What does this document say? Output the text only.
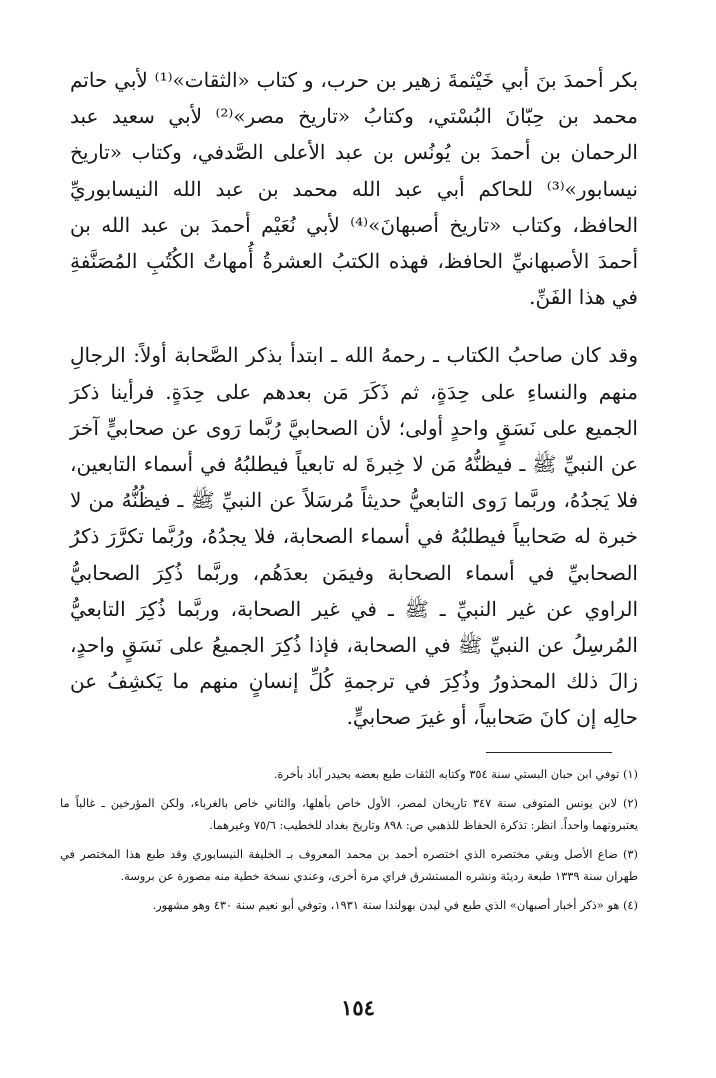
بكر أحمدَ بنَ أبي خَيْثمةَ زهير بن حرب، و كتاب «الثقات»⁽¹⁾ لأبي حاتم محمد بن حِبّانَ البُسْتي، وكتابُ «تاريخ مصر»⁽²⁾ لأبي سعيد عبد الرحمان بن أحمدَ بن يُونُس بن عبد الأعلى الصَّدفي، وكتاب «تاريخ نيسابور»⁽³⁾ للحاكم أبي عبد الله محمد بن عبد الله النيسابوريِّ الحافظ، وكتاب «تاريخ أصبهانَ»⁽⁴⁾ لأبي نُعَيْم أحمدَ بن عبد الله بن أحمدَ الأصبهانيِّ الحافظ، فهذه الكتبُ العشرةُ أُمهاتُ الكُتُبِ المُصَنَّفةِ في هذا الفَنِّ.

وقد كان صاحبُ الكتاب ـ رحمهُ الله ـ ابتدأ بذكر الصَّحابة أولاً: الرجالِ منهم والنساءِ على حِدَةٍ، ثم ذَكَرَ مَن بعدهم على حِدَةٍ. فرأينا ذكرَ الجميع على نَسَقٍ واحدٍ أولى؛ لأن الصحابيَّ رُبَّما رَوى عن صحابيٍّ آخرَ عن النبيِّ ﷺ ـ فيظنُّهُ مَن لا خِبرةَ له تابعياً فيطلبُهُ في أسماء التابعين، فلا يَجدُهُ، وربَّما رَوى التابعيُّ حديثاً مُرسَلاً عن النبيِّ ﷺ ـ فيظُنُّهُ من لا خبرة له صَحابياً فيطلبُهُ في أسماء الصحابة، فلا يجدُهُ، ورُبَّما تكرَّرَ ذكرُ الصحابيِّ في أسماء الصحابة وفيمَن بعدَهُم، وربَّما ذُكِرَ الصحابيُّ الراوي عن غير النبيِّ ـ ﷺ ـ في غير الصحابة، وربَّما ذُكِرَ التابعيُّ المُرسِلُ عن النبيِّ ﷺ في الصحابة، فإذا ذُكِرَ الجميعُ على نَسَقٍ واحدٍ، زالَ ذلك المحذورُ وذُكِرَ في ترجمةِ كُلِّ إنسانٍ منهم ما يَكشِفُ عن حالِه إن كانَ صَحابياً، أو غيرَ صحابيٍّ.

(١) توفي ابن حبان البستي سنة ٣٥٤ وكتابه الثقات طبع بعضه بحيدر آباد بأخرة.

(٢) لابن يونس المتوفى سنة ٣٤٧ تاريخان لمصر، الأول خاص بأهلها، والثاني خاص بالغرباء، ولكن المؤرخين ـ غالباً ما يعتبرونهما واحداً. انظر: تذكرة الحفاظ للذهبي ص: ٨٩٨ وتاريخ بغداد للخطيب: ٧٥/٦ وغيرهما.

(٣) ضاع الأصل وبقي مختصره الذي اختصره أحمد بن محمد المعروف بـ الخليفة النيسابوري وقد طبع هذا المختصر في طهران سنة ١٣٣٩ طبعة رديئة ونشره المستشرق فراي مرة أخرى، وعندي نسخة خطية منه مصورة عن بروسة.

(٤) هو «ذكر أخبار أصبهان» الذي طبع في ليدن بهولندا سنة ١٩٣١، وتوفي أبو نعيم سنة ٤٣٠ وهو مشهور.

١٥٤
